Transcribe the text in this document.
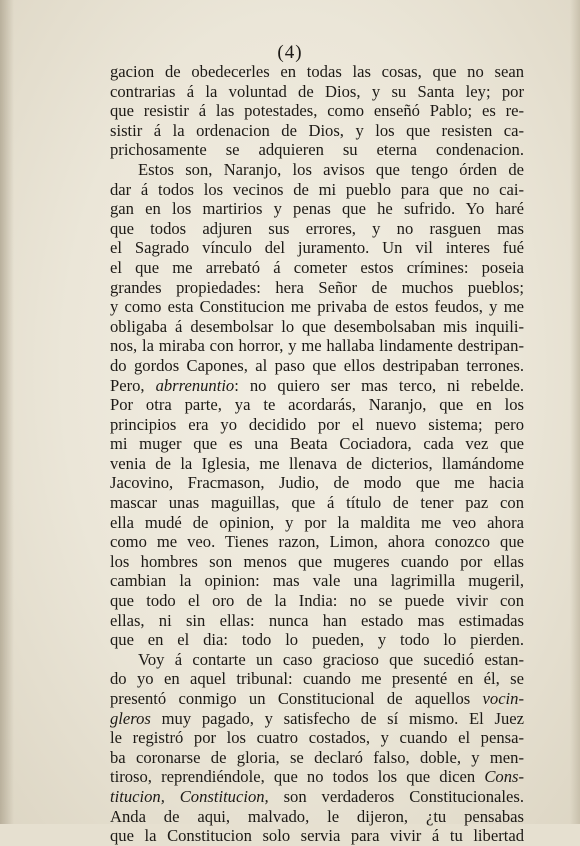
(4)
gacion de obedecerles en todas las cosas, que no sean
contrarias á la voluntad de Dios, y su Santa ley; por
que resistir á las potestades, como enseñó Pablo; es re-
sistir á la ordenacion de Dios, y los que resisten ca-
prichosamente se adquieren su eterna condenacion.
Estos son, Naranjo, los avisos que tengo órden de
dar á todos los vecinos de mi pueblo para que no cai-
gan en los martirios y penas que he sufrido. Yo haré
que todos adjuren sus errores, y no rasguen mas
el Sagrado vínculo del juramento. Un vil interes fué
el que me arrebató á cometer estos crímines: poseia
grandes propiedades: hera Señor de muchos pueblos;
y como esta Constitucion me privaba de estos feudos, y me
obligaba á desembolsar lo que desembolsaban mis inquili-
nos, la miraba con horror, y me hallaba lindamente destripan-
do gordos Capones, al paso que ellos destripaban terrones.
Pero, abrrenuntio: no quiero ser mas terco, ni rebelde.
Por otra parte, ya te acordarás, Naranjo, que en los
principios era yo decidido por el nuevo sistema; pero
mi muger que es una Beata Cociadora, cada vez que
venia de la Iglesia, me llenava de dicterios, llamándome
Jacovino, Fracmason, Judio, de modo que me hacia
mascar unas maguillas, que á título de tener paz con
ella mudé de opinion, y por la maldita me veo ahora
como me veo. Tienes razon, Limon, ahora conozco que
los hombres son menos que mugeres cuando por ellas
cambian la opinion: mas vale una lagrimilla mugeril,
que todo el oro de la India: no se puede vivir con
ellas, ni sin ellas: nunca han estado mas estimadas
que en el dia: todo lo pueden, y todo lo pierden.
Voy á contarte un caso gracioso que sucedió estan-
do yo en aquel tribunal: cuando me presenté en él, se
presentó conmigo un Constitucional de aquellos vocin-
gleros muy pagado, y satisfecho de sí mismo. El Juez
le registró por los cuatro costados, y cuando el pensa-
ba coronarse de gloria, se declaró falso, doble, y men-
tiroso, reprendiéndole, que no todos los que dicen Cons-
titucion, Constitucion, son verdaderos Constitucionales.
Anda de aqui, malvado, le dijeron, ¿tu pensabas
que la Constitucion solo servia para vivir á tu libertad
